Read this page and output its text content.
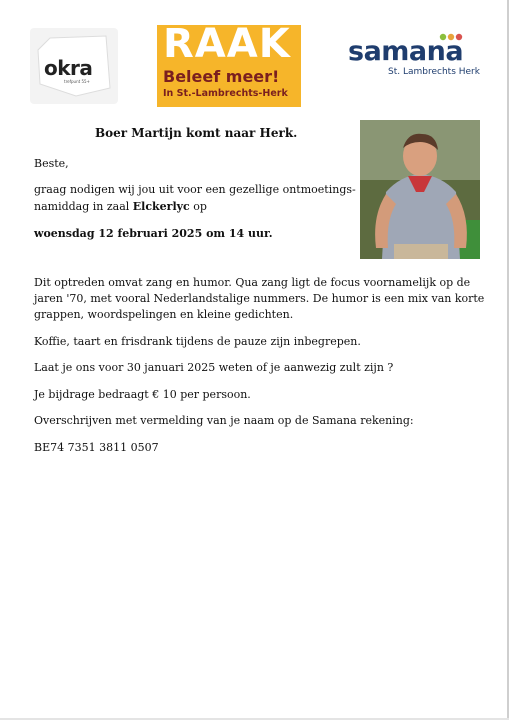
okra
trefpunt 55+
RAAK
Beleef meer!
In St.-Lambrechts-Herk
samana
St. Lambrechts Herk
Boer Martijn komt naar Herk.
Beste,
graag nodigen wij jou uit voor een gezellige ontmoetings-
namiddag in zaal Elckerlyc op
woensdag 12 februari 2025 om 14 uur.
Dit optreden omvat zang en humor. Qua zang ligt de focus voornamelijk op de
jaren '70, met vooral Nederlandstalige nummers. De humor is een mix van korte
grappen, woordspelingen en kleine gedichten.
Koffie, taart en frisdrank tijdens de pauze zijn inbegrepen.
Laat je ons voor 30 januari 2025 weten of je aanwezig zult zijn ?
Je bijdrage bedraagt € 10 per persoon.
Overschrijven met vermelding van je naam op de Samana rekening:
BE74 7351 3811 0507
